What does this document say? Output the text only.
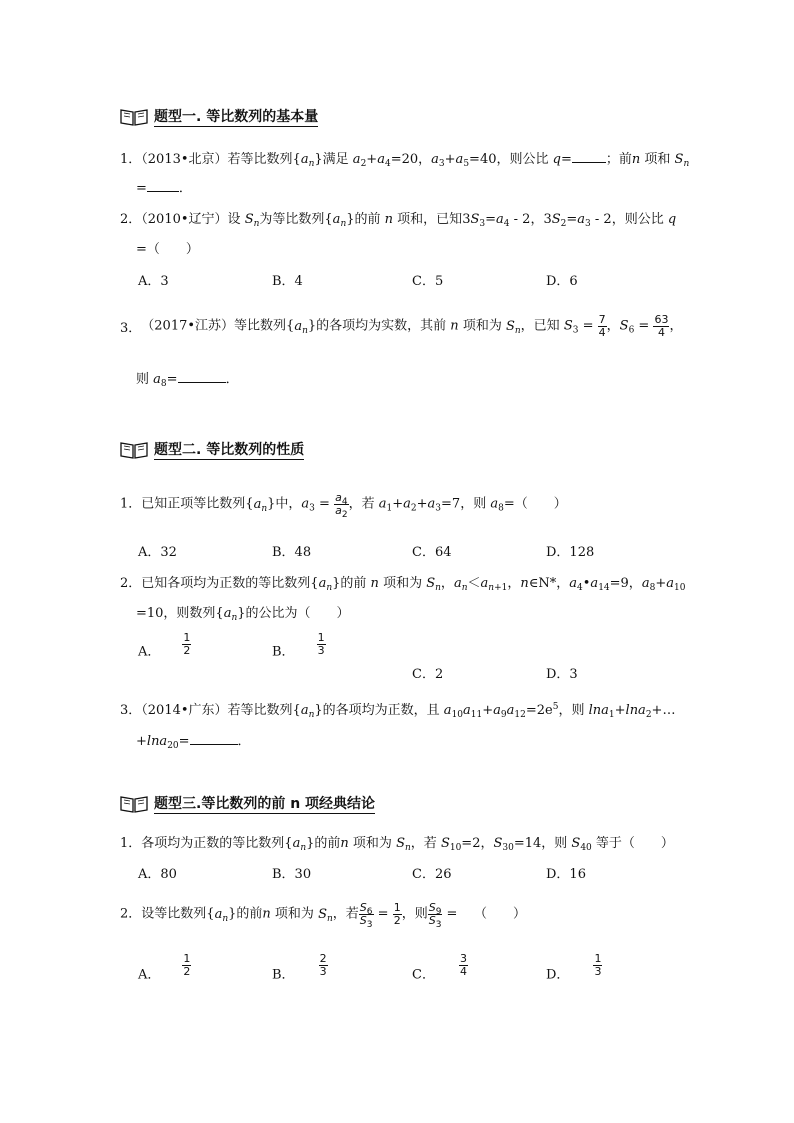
题型一. 等比数列的基本量
1．（2013•北京）若等比数列$\{a_n\}$满足 $a_2+a_4=20$，$a_3+a_5=40$，则公比 q=	；前n 项和 $S_n$
= ．
2．（2010•辽宁）设 $S_n$为等比数列$\{a_n\}$的前 n 项和，已知$3S_3=a_4 - 2$，$3S_2=a_3 - 2$，则公比 q
=（　　）
A．3	B．4	C．5	D．6
3．（2017•江苏）等比数列$\{a_n\}$的各项均为实数，其前 n 项和为 $S_n$，已知 $S_3 = \frac{7}{4}$ ，$S_6 = \frac{63}{4}$ ，
则 $a_8=$	．
题型二. 等比数列的性质
1．已知正项等比数列$\{a_n\}$中，$a_3 = \frac{a_4}{a_2}$ ，若 $a_1+a_2+a_3=7$，则 $a_8=$（　　）
A．32	B．48	C．64	D．128
2．已知各项均为正数的等比数列$\{a_n\}$的前 n 项和为 $S_n$，$a_n<a_{n+1}$，n∈N*，$a_4•a_{14}=9$，$a_8+a_{10}$
=10，则数列$\{a_n\}$的公比为（　　）
A． $\frac{1}{2}$	B． $\frac{1}{3}$
C．2	D．3
3．（2014•广东）若等比数列$\{a_n\}$的各项均为正数，且 $a_{10}a_{11}+a_9a_{12}=2e^5$，则 lna$_1$+lna$_2$+…
+lna$_{20}$=	．
题型三.等比数列的前 n 项经典结论
1．各项均为正数的等比数列$\{a_n\}$的前n 项和为 $S_n$，若 $S_{10}=2$，$S_{30}=14$，则 $S_{40}$ 等于（　　）
A．80	B．30	C．26	D．16
2．设等比数列$\{a_n\}$的前n 项和为 $S_n$，若 $\frac{S_6}{S_3} = \frac{1}{2}$ ，则 $\frac{S_9}{S_3}$ =    （　　）
A． $\frac{1}{2}$	B． $\frac{2}{3}$	C． $\frac{3}{4}$	D． $\frac{1}{3}$
